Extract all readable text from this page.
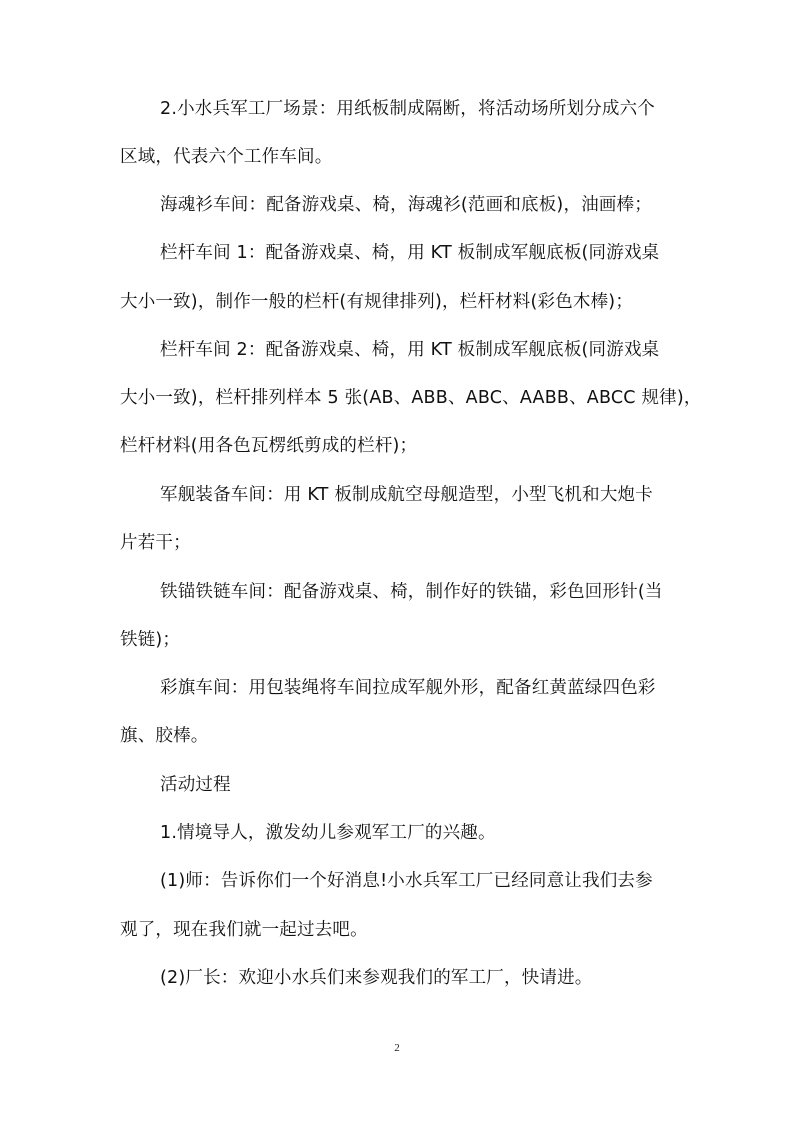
2.小水兵军工厂场景：用纸板制成隔断，将活动场所划分成六个
区域，代表六个工作车间。
海魂衫车间：配备游戏桌、椅，海魂衫(范画和底板)，油画棒；
栏杆车间 1：配备游戏桌、椅，用 KT 板制成军舰底板(同游戏桌
大小一致)，制作一般的栏杆(有规律排列)，栏杆材料(彩色木棒)；
栏杆车间 2：配备游戏桌、椅，用 KT 板制成军舰底板(同游戏桌
大小一致)，栏杆排列样本 5 张(AB、ABB、ABC、AABB、ABCC 规律)，
栏杆材料(用各色瓦楞纸剪成的栏杆)；
军舰装备车间：用 KT 板制成航空母舰造型，小型飞机和大炮卡
片若干；
铁锚铁链车间：配备游戏桌、椅，制作好的铁锚，彩色回形针(当
铁链)；
彩旗车间：用包装绳将车间拉成军舰外形，配备红黄蓝绿四色彩
旗、胶棒。
活动过程
1.情境导人，激发幼儿参观军工厂的兴趣。
(1)师：告诉你们一个好消息!小水兵军工厂已经同意让我们去参
观了，现在我们就一起过去吧。
(2)厂长：欢迎小水兵们来参观我们的军工厂，快请进。
2
